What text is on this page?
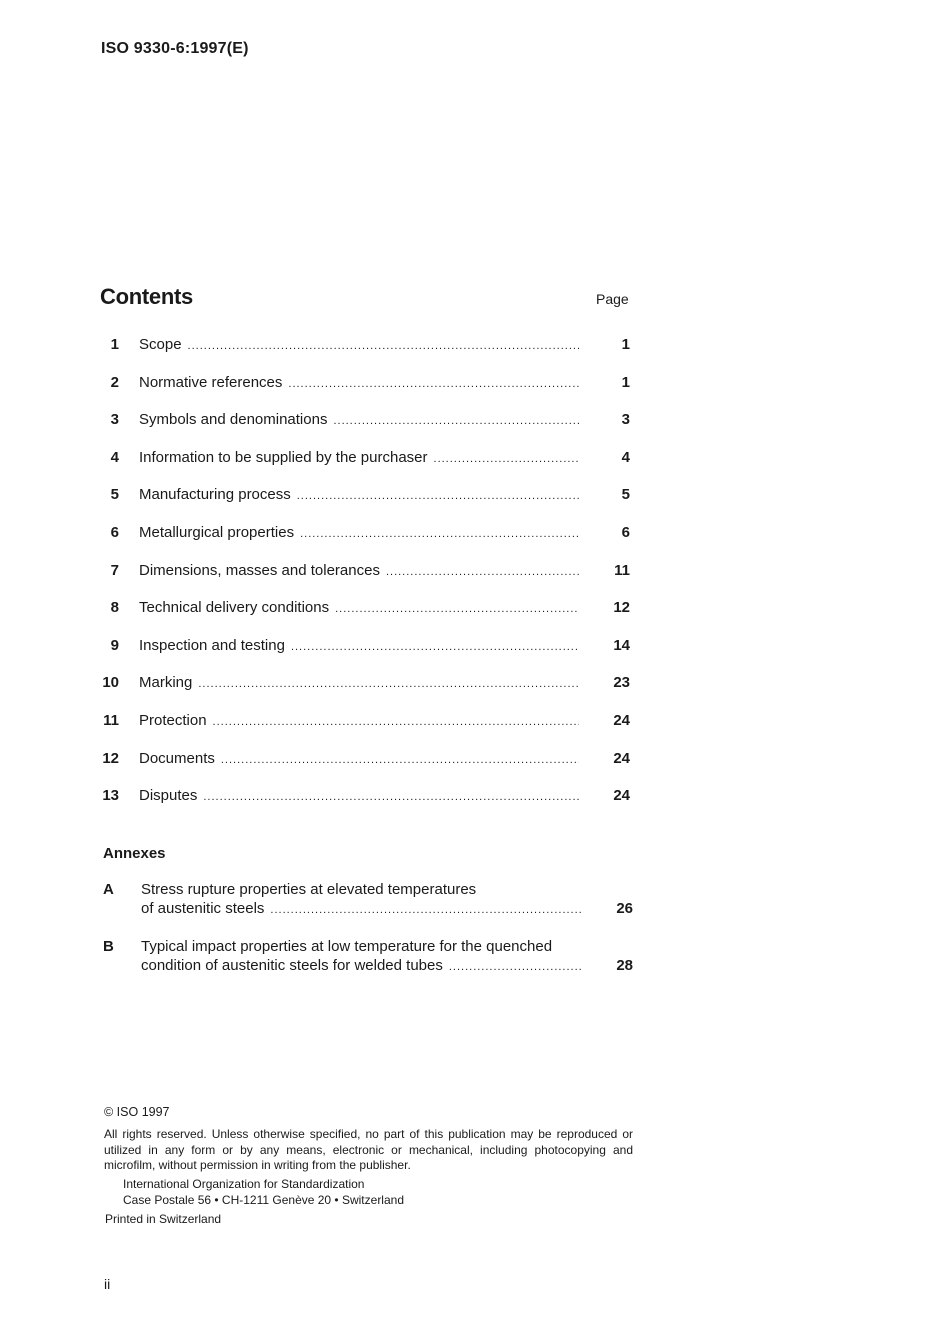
ISO 9330-6:1997(E)
Contents	Page
1 Scope .....	1
2 Normative references .....	1
3 Symbols and denominations .....	3
4 Information to be supplied by the purchaser .....	4
5 Manufacturing process .....	5
6 Metallurgical properties .....	6
7 Dimensions, masses and tolerances .....	11
8 Technical delivery conditions .....	12
9 Inspection and testing .....	14
10 Marking .....	23
11 Protection .....	24
12 Documents .....	24
13 Disputes .....	24
Annexes
A Stress rupture properties at elevated temperatures
of austenitic steels .....	26
B Typical impact properties at low temperature for the quenched
condition of austenitic steels for welded tubes .....	28
© ISO 1997
All rights reserved. Unless otherwise specified, no part of this publication may be reproduced or utilized in any form or by any means, electronic or mechanical, including photocopying and microfilm, without permission in writing from the publisher.
International Organization for Standardization
Case Postale 56 • CH-1211 Genève 20 • Switzerland
Printed in Switzerland
ii
